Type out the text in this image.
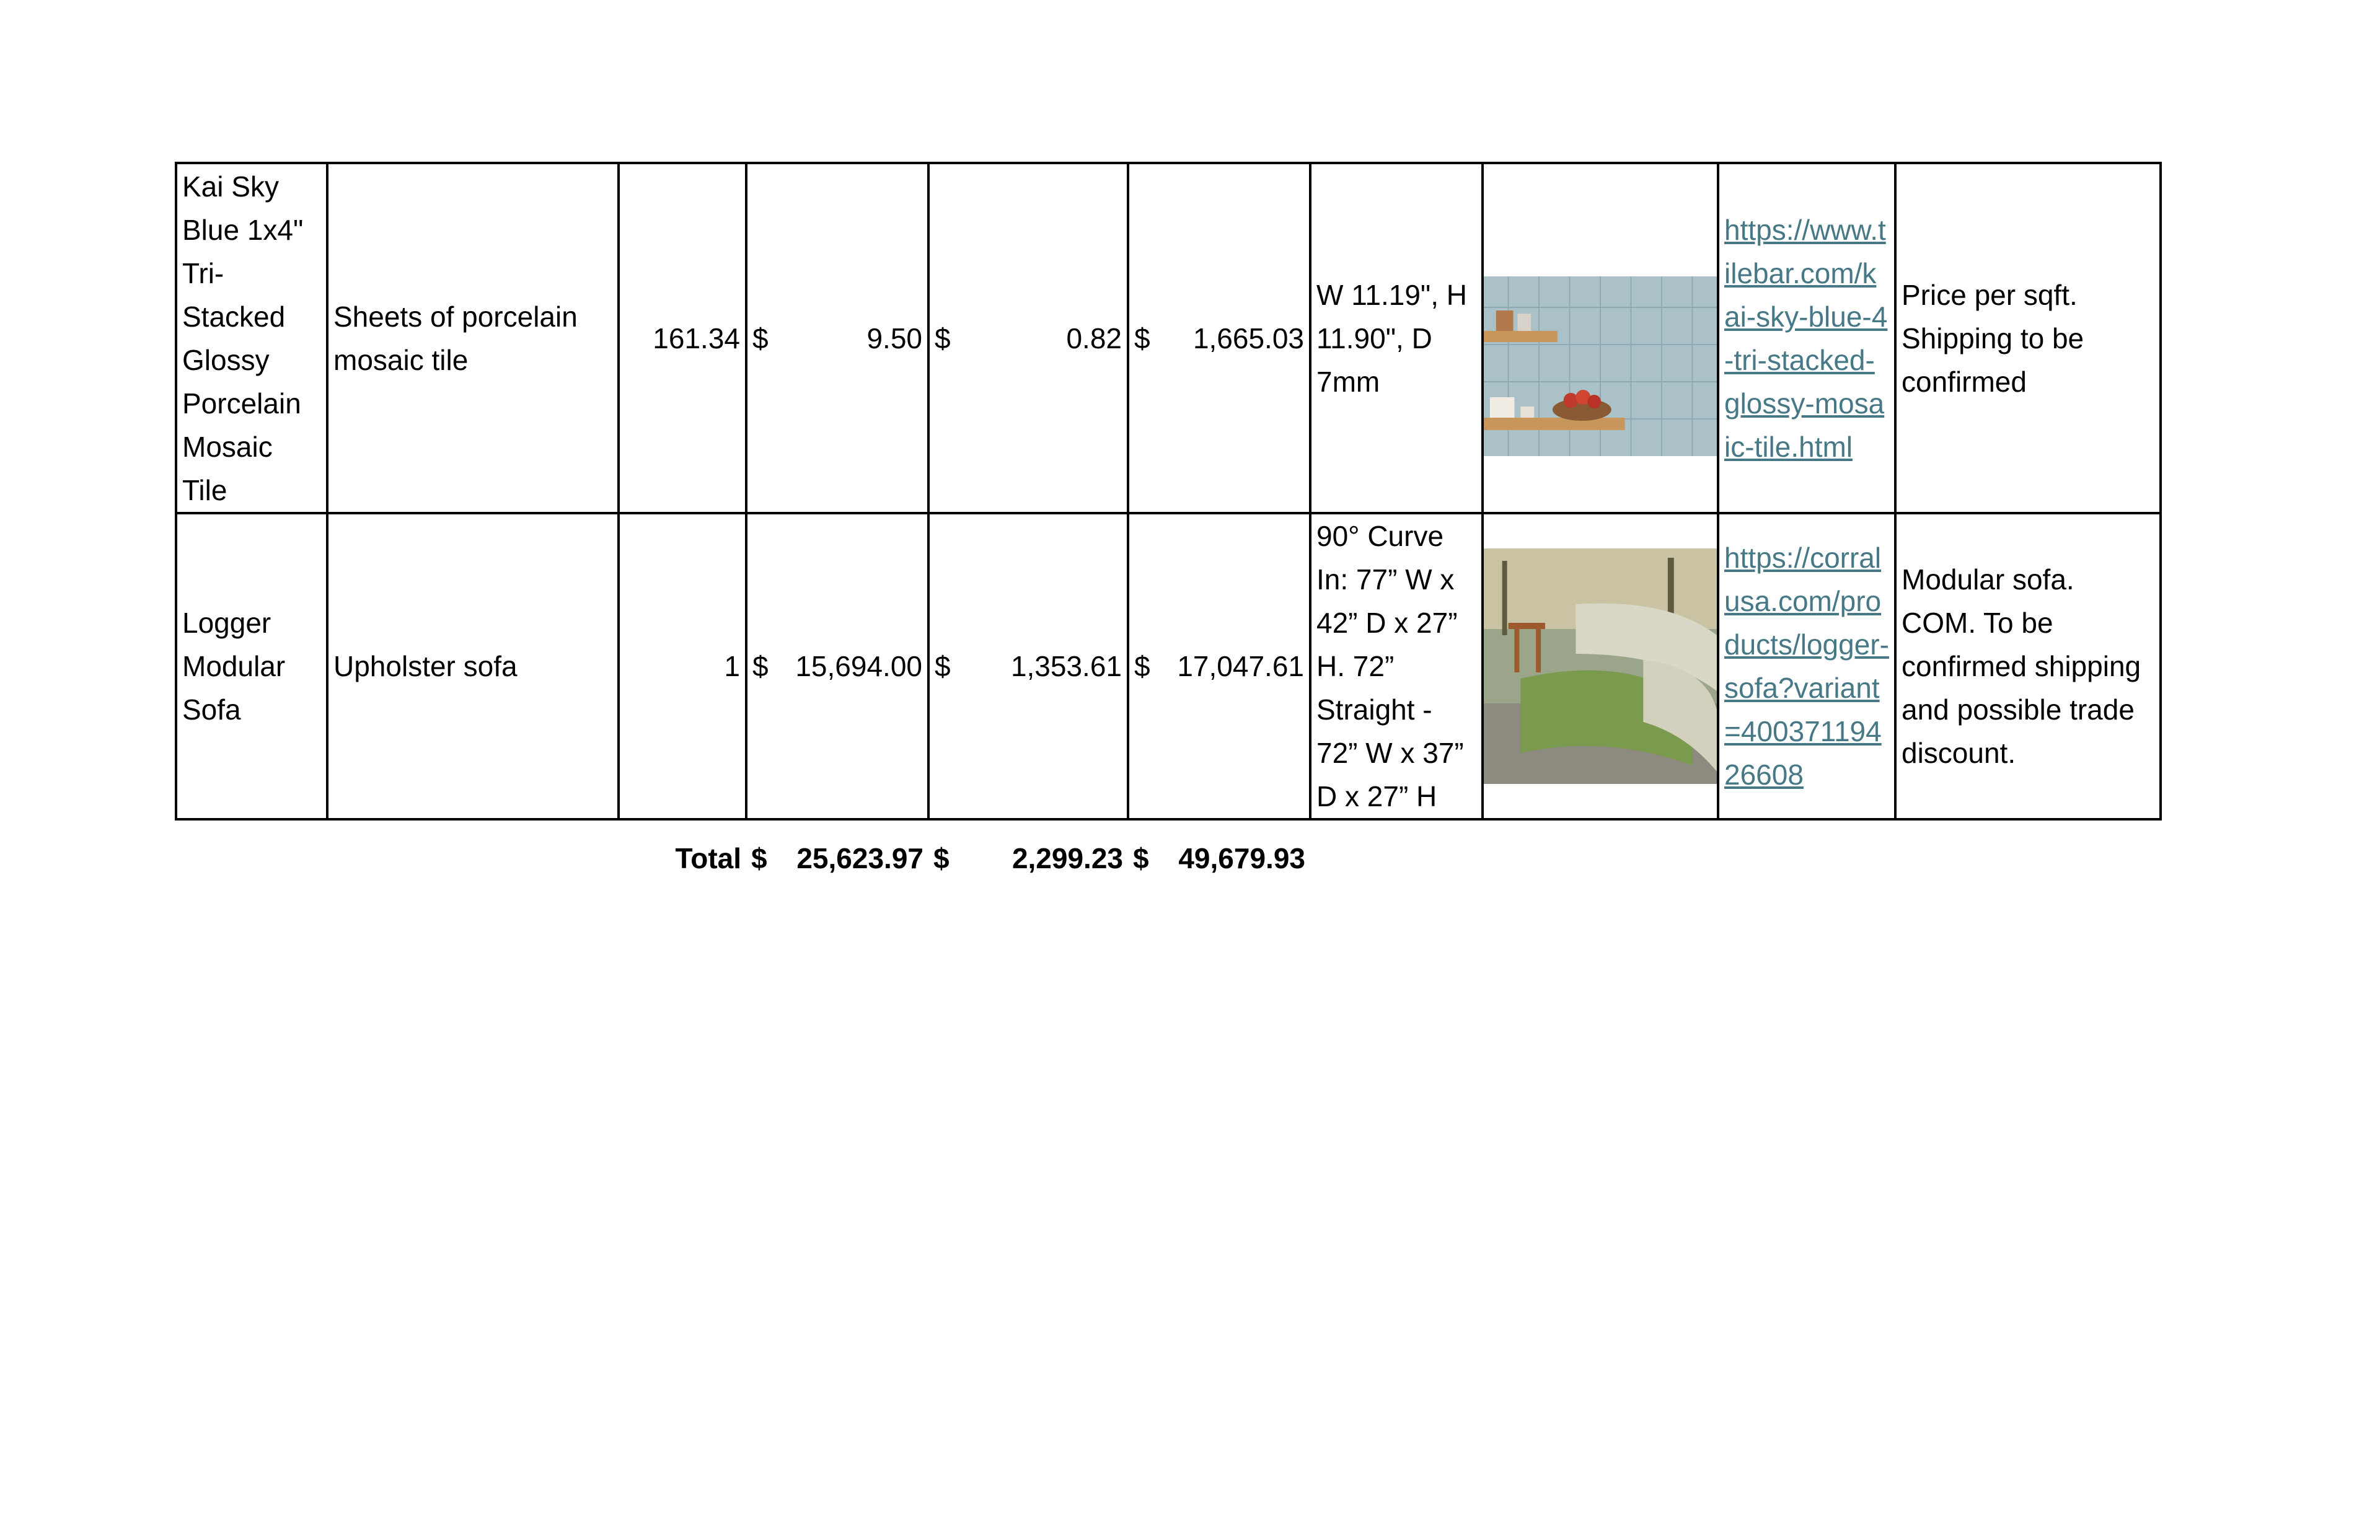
Kai Sky Blue 1x4" Tri-Stacked Glossy Porcelain Mosaic Tile	Sheets of porcelain mosaic tile	161.34	$ 9.50	$ 0.82	$ 1,665.03	W 11.19", H 11.90", D 7mm		https://www.tilebar.com/kai-sky-blue-4-tri-stacked-glossy-mosaic-tile.html	Price per sqft. Shipping to be confirmed
Logger Modular Sofa	Upholster sofa	1	$ 15,694.00	$ 1,353.61	$ 17,047.61	90° Curve In: 77” W x 42” D x 27” H. 72” Straight - 72” W x 37” D x 27” H		https://corralusa.com/products/logger-sofa?variant=40037119426608	Modular sofa. COM. To be confirmed shipping and possible trade discount.
		Total	$ 25,623.97	$ 2,299.23	$ 49,679.93				
